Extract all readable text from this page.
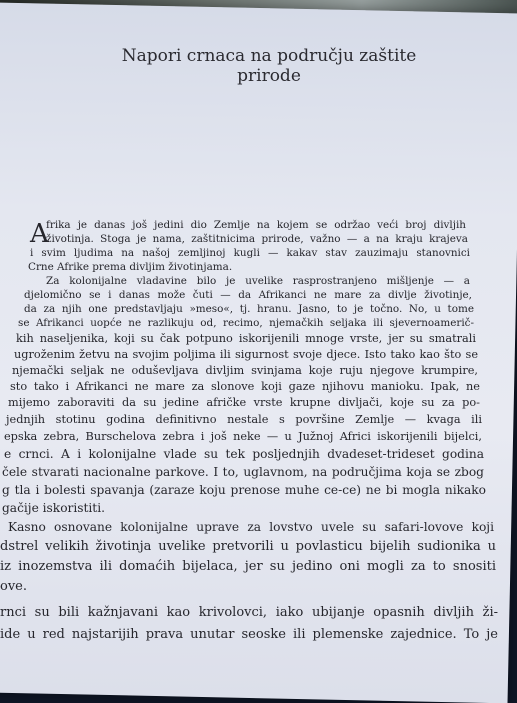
Napori crnaca na području zaštite
prirode
A
frika je danas još jedini dio Zemlje na kojem se održao veći broj divljih
životinja. Stoga je nama, zaštitnicima prirode, važno — a na kraju krajeva
i svim ljudima na našoj zemljinoj kugli — kakav stav zauzimaju stanovnici
Crne Afrike prema divljim životinjama.
Za kolonijalne vladavine bilo je uvelike rasprostranjeno mišljenje — a
djelomično se i danas može čuti — da Afrikanci ne mare za divlje životinje,
da za njih one predstavljaju »meso«, tj. hranu. Jasno, to je točno. No, u tome
se Afrikanci uopće ne razlikuju od, recimo, njemačkih seljaka ili sjevernoamerič-
kih naseljenika, koji su čak potpuno iskorijenili mnoge vrste, jer su smatrali
ugroženim žetvu na svojim poljima ili sigurnost svoje djece. Isto tako kao što se
njemački seljak ne oduševljava divljim svinjama koje ruju njegove krumpire,
sto tako i Afrikanci ne mare za slonove koji gaze njihovu manioku. Ipak, ne
mijemo zaboraviti da su jedine afričke vrste krupne divljači, koje su za po-
jednjih stotinu godina definitivno nestale s površine Zemlje — kvaga ili
epska zebra, Burschelova zebra i još neke — u Južnoj Africi iskorijenili bijelci,
e crnci. A i kolonijalne vlade su tek posljednjih dvadeset-trideset godina
čele stvarati nacionalne parkove. I to, uglavnom, na područjima koja se zbog
g tla i bolesti spavanja (zaraze koju prenose muhe ce-ce) ne bi mogla nikako
gačije iskoristiti.
Kasno osnovane kolonijalne uprave za lovstvo uvele su safari-lovove koji
dstrel velikih životinja uvelike pretvorili u povlasticu bijelih sudionika u
iz inozemstva ili domaćih bijelaca, jer su jedino oni mogli za to snositi
ove.
rnci su bili kažnjavani kao krivolovci, iako ubijanje opasnih divljih ži-
ide u red najstarijih prava unutar seoske ili plemenske zajednice. To je
